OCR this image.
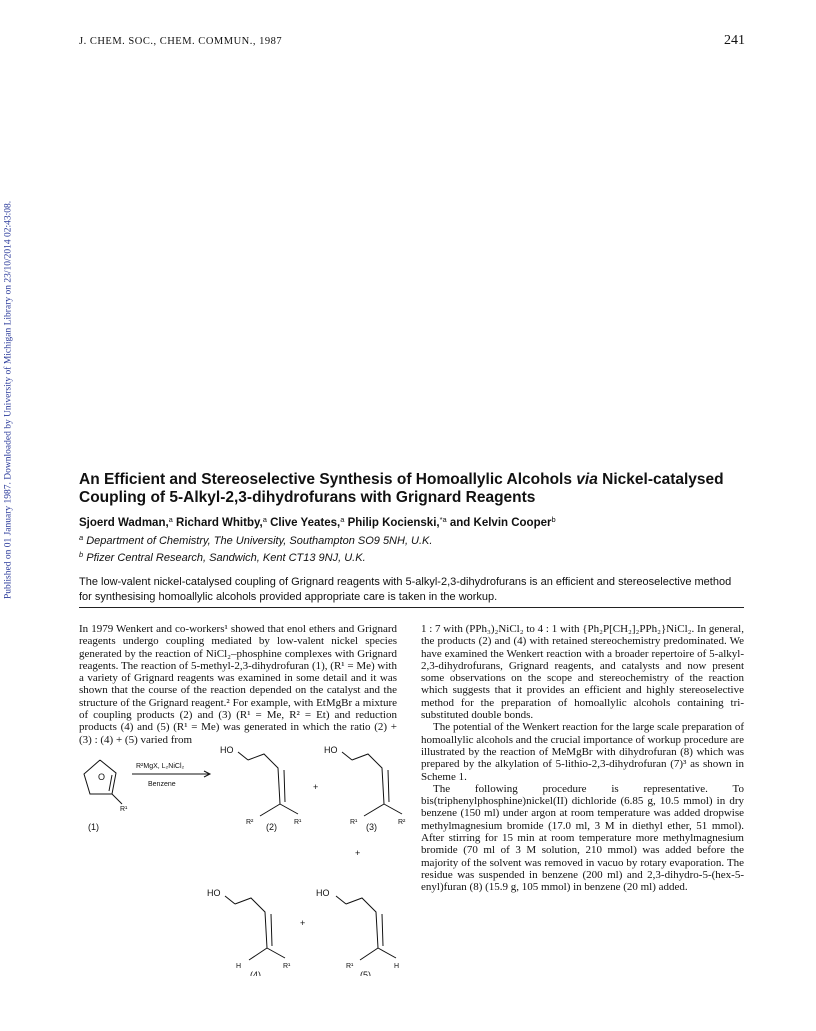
J. CHEM. SOC., CHEM. COMMUN., 1987	241
Published on 01 January 1987. Downloaded by University of Michigan Library on 23/10/2014 02:43:08.	An Efficient and Stereoselective Synthesis of Homoallylic Alcohols via Nickel-catalysed Coupling of 5-Alkyl-2,3-dihydrofurans with Grignard Reagents
Sjoerd Wadman,$^a$ Richard Whitby,$^a$ Clive Yeates,$^a$ Philip Kocienski,$^{*a}$ and Kelvin Cooper$^b$
$^a$ Department of Chemistry, The University, Southampton SO9 5NH, U.K.
$^b$ Pfizer Central Research, Sandwich, Kent CT13 9NJ, U.K.
The low-valent nickel-catalysed coupling of Grignard reagents with 5-alkyl-2,3-dihydrofurans is an efficient and stereoselective method for synthesising homoallylic alcohols provided appropriate care is taken in the workup.

In 1979 Wenkert and co-workers¹ showed that enol ethers and Grignard reagents undergo coupling mediated by low-valent nickel species generated by the reaction of NiCl₂–phosphine complexes with Grignard reagents. The reaction of 5-methyl-2,3-dihydrofuran (1), (R¹ = Me) with a variety of Grignard reagents was examined in some detail and it was shown that the course of the reaction depended on the catalyst and the structure of the Grignard reagent.² For example, with EtMgBr a mixture of coupling products (2) and (3) (R¹ = Me, R² = Et) and reduction products (4) and (5) (R¹ = Me) was generated in which the ratio (2) + (3) : (4) + (5) varied from

O
R¹
R²MgX, L₂NiCl₂
Benzene
HO
R²	R¹
+
HO
R¹	R²
+
HO
H	R¹
+
HO
R¹	H
(1)	(2)	(3)
(4)	(5)

1 : 7 with (PPh₃)₂NiCl₂ to 4 : 1 with {Ph₂P[CH₂]₂PPh₂}NiCl₂. In general, the products (2) and (4) with retained stereochemistry predominated. We have examined the Wenkert reaction with a broader repertoire of 5-alkyl-2,3-dihydrofurans, Grignard reagents, and catalysts and now present some observations on the scope and stereochemistry of the reaction which suggests that it provides an efficient and highly stereoselective method for the preparation of homoallylic alcohols containing tri-substituted double bonds.

The potential of the Wenkert reaction for the large scale preparation of homoallylic alcohols and the crucial importance of workup procedure are illustrated by the reaction of MeMgBr with dihydrofuran (8) which was prepared by the alkylation of 5-lithio-2,3-dihydrofuran (7)³ as shown in Scheme 1.

The following procedure is representative. To bis(triphenylphosphine)nickel(II) dichloride (6.85 g, 10.5 mmol) in dry benzene (150 ml) under argon at room temperature was added dropwise methylmagnesium bromide (17.0 ml, 3 M in diethyl ether, 51 mmol). After stirring for 15 min at room temperature more methylmagnesium bromide (70 ml of 3 M solution, 210 mmol) was added before the majority of the solvent was removed in vacuo by rotary evaporation. The residue was suspended in benzene (200 ml) and 2,3-dihydro-5-(hex-5-enyl)furan (8) (15.9 g, 105 mmol) in benzene (20 ml) added.
